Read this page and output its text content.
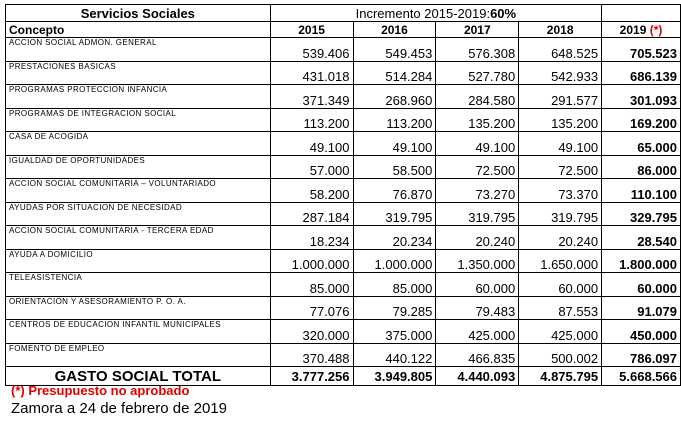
Servicios Sociales	Incremento 2015-2019:60%				
Concepto	2015	2016	2017	2018	2019 (*)
ACCION SOCIAL ADMON. GENERAL	539.406	549.453	576.308	648.525	705.523
PRESTACIONES BASICAS	431.018	514.284	527.780	542.933	686.139
PROGRAMAS PROTECCION INFANCIA	371.349	268.960	284.580	291.577	301.093
PROGRAMAS DE INTEGRACION SOCIAL	113.200	113.200	135.200	135.200	169.200
CASA DE ACOGIDA	49.100	49.100	49.100	49.100	65.000
IGUALDAD DE OPORTUNIDADES	57.000	58.500	72.500	72.500	86.000
ACCION SOCIAL COMUNITARIA – VOLUNTARIADO	58.200	76.870	73.270	73.370	110.100
AYUDAS POR SITUACION DE NECESIDAD	287.184	319.795	319.795	319.795	329.795
ACCION SOCIAL COMUNITARIA - TERCERA EDAD	18.234	20.234	20.240	20.240	28.540
AYUDA A DOMICILIO	1.000.000	1.000.000	1.350.000	1.650.000	1.800.000
TELEASISTENCIA	85.000	85.000	60.000	60.000	60.000
ORIENTACION Y ASESORAMIENTO P. O. A.	77.076	79.285	79.483	87.553	91.079
CENTROS DE EDUCACION INFANTIL MUNICIPALES	320.000	375.000	425.000	425.000	450.000
FOMENTO DE EMPLEO	370.488	440.122	466.835	500.002	786.097
GASTO SOCIAL TOTAL	3.777.256	3.949.805	4.440.093	4.875.795	5.668.566
(*) Presupuesto no aprobado
Zamora a 24 de febrero de 2019
